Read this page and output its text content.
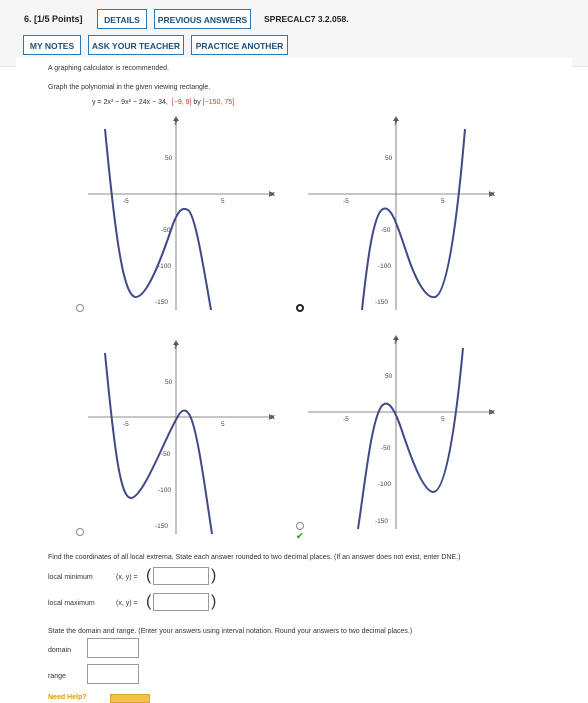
6. [1/5 Points]	DETAILS	PREVIOUS ANSWERS	SPRECALC7 3.2.058.
MY NOTES	ASK YOUR TEACHER	PRACTICE ANOTHER
A graphing calculator is recommended.
Graph the polynomial in the given viewing rectangle.
y = 2x³ − 9x² − 24x − 34, [−9, 9] by [−150, 75]
x
y
-5	5
50
-50
-100
-150
x
y
-5	5
50
-50
-100
-150
x
y
-5	5
50
-50
-100
-150
x
y
-5	5
50
-50
-100
-150
✔
Find the coordinates of all local extrema. State each answer rounded to two decimal places. (If an answer does not exist, enter DNE.)
local minimum	(x, y) = (	)
local maximum	(x, y) = (	)
State the domain and range. (Enter your answers using interval notation. Round your answers to two decimal places.)
domain
range
Need Help?
